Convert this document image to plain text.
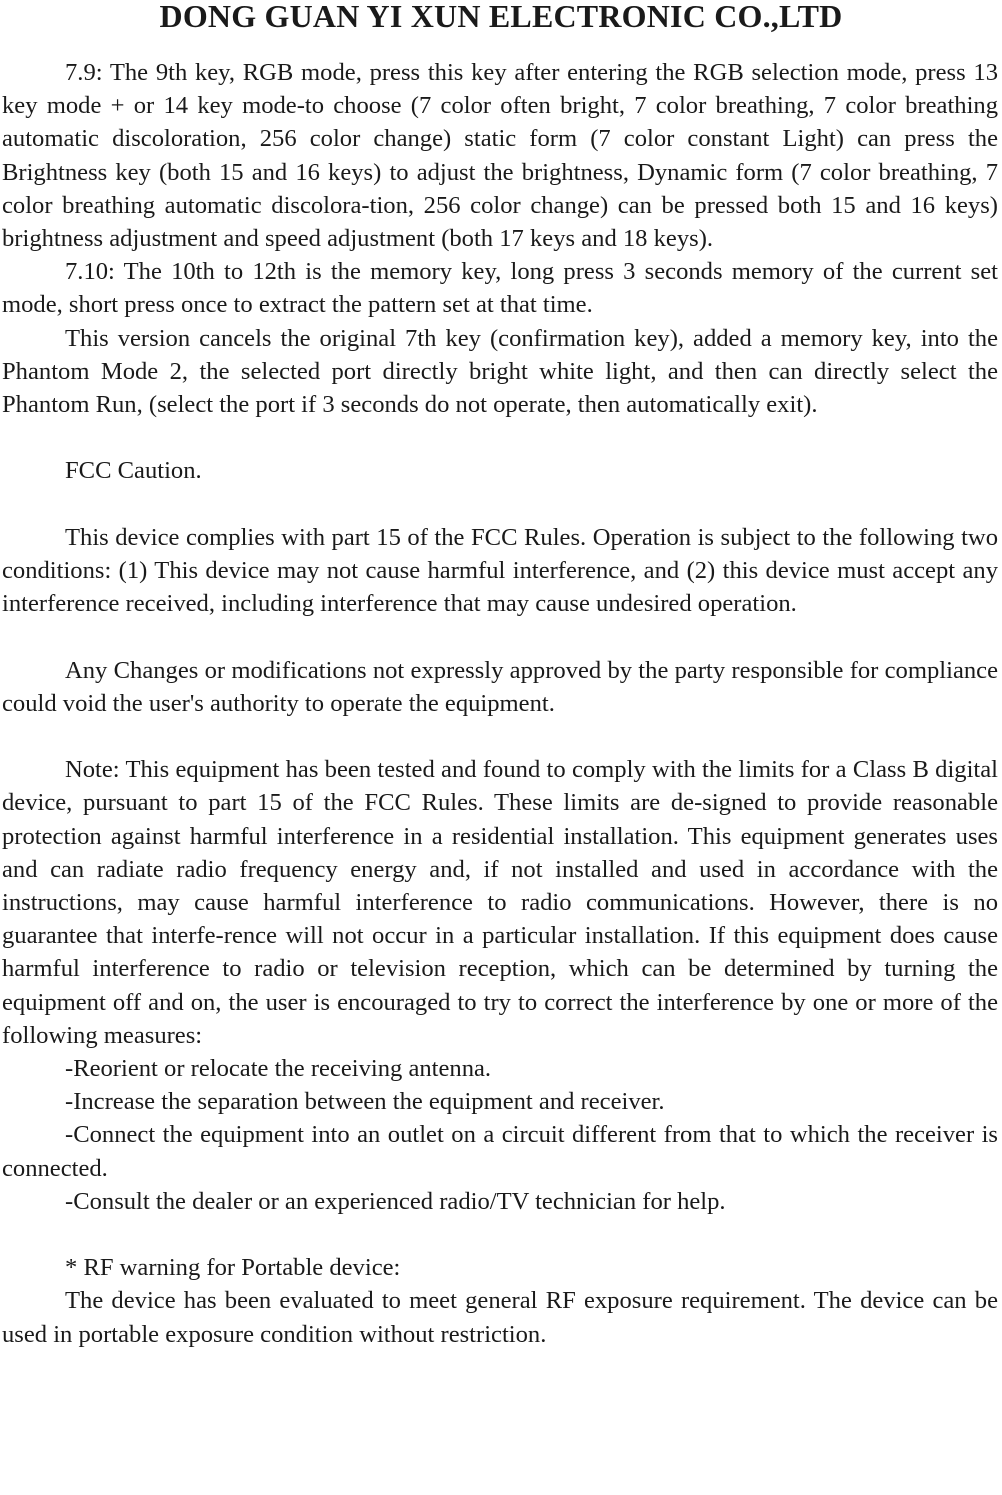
DONG GUAN YI XUN ELECTRONIC CO.,LTD

7.9: The 9th key, RGB mode, press this key after entering the RGB selection mode, press 13 key mode + or 14 key mode-to choose (7 color often bright, 7 color breathing, 7 color breathing automatic discoloration, 256 color change) static form (7 color constant Light) can press the Brightness key (both 15 and 16 keys) to adjust the brightness, Dynamic form (7 color breathing, 7 color breathing automatic discolora-tion, 256 color change) can be pressed both 15 and 16 keys) brightness adjustment and speed adjustment (both 17 keys and 18 keys).

7.10: The 10th to 12th is the memory key, long press 3 seconds memory of the current set mode, short press once to extract the pattern set at that time.

This version cancels the original 7th key (confirmation key), added a memory key, into the Phantom Mode 2, the selected port directly bright white light, and then can directly select the Phantom Run, (select the port if 3 seconds do not operate, then automatically exit).

FCC Caution.

This device complies with part 15 of the FCC Rules. Operation is subject to the following two conditions: (1) This device may not cause harmful interference, and (2) this device must accept any interference received, including interference that may cause undesired operation.

Any Changes or modifications not expressly approved by the party responsible for compliance could void the user's authority to operate the equipment.

Note: This equipment has been tested and found to comply with the limits for a Class B digital device, pursuant to part 15 of the FCC Rules. These limits are de-signed to provide reasonable protection against harmful interference in a residential installation. This equipment generates uses and can radiate radio frequency energy and, if not installed and used in accordance with the instructions, may cause harmful interference to radio communications. However, there is no guarantee that interfe-rence will not occur in a particular installation. If this equipment does cause harmful interference to radio or television reception, which can be determined by turning the equipment off and on, the user is encouraged to try to correct the interference by one or more of the following measures:

-Reorient or relocate the receiving antenna.

-Increase the separation between the equipment and receiver.

-Connect the equipment into an outlet on a circuit different from that to which the receiver is connected.

-Consult the dealer or an experienced radio/TV technician for help.

* RF warning for Portable device:

The device has been evaluated to meet general RF exposure requirement. The device can be used in portable exposure condition without restriction.
